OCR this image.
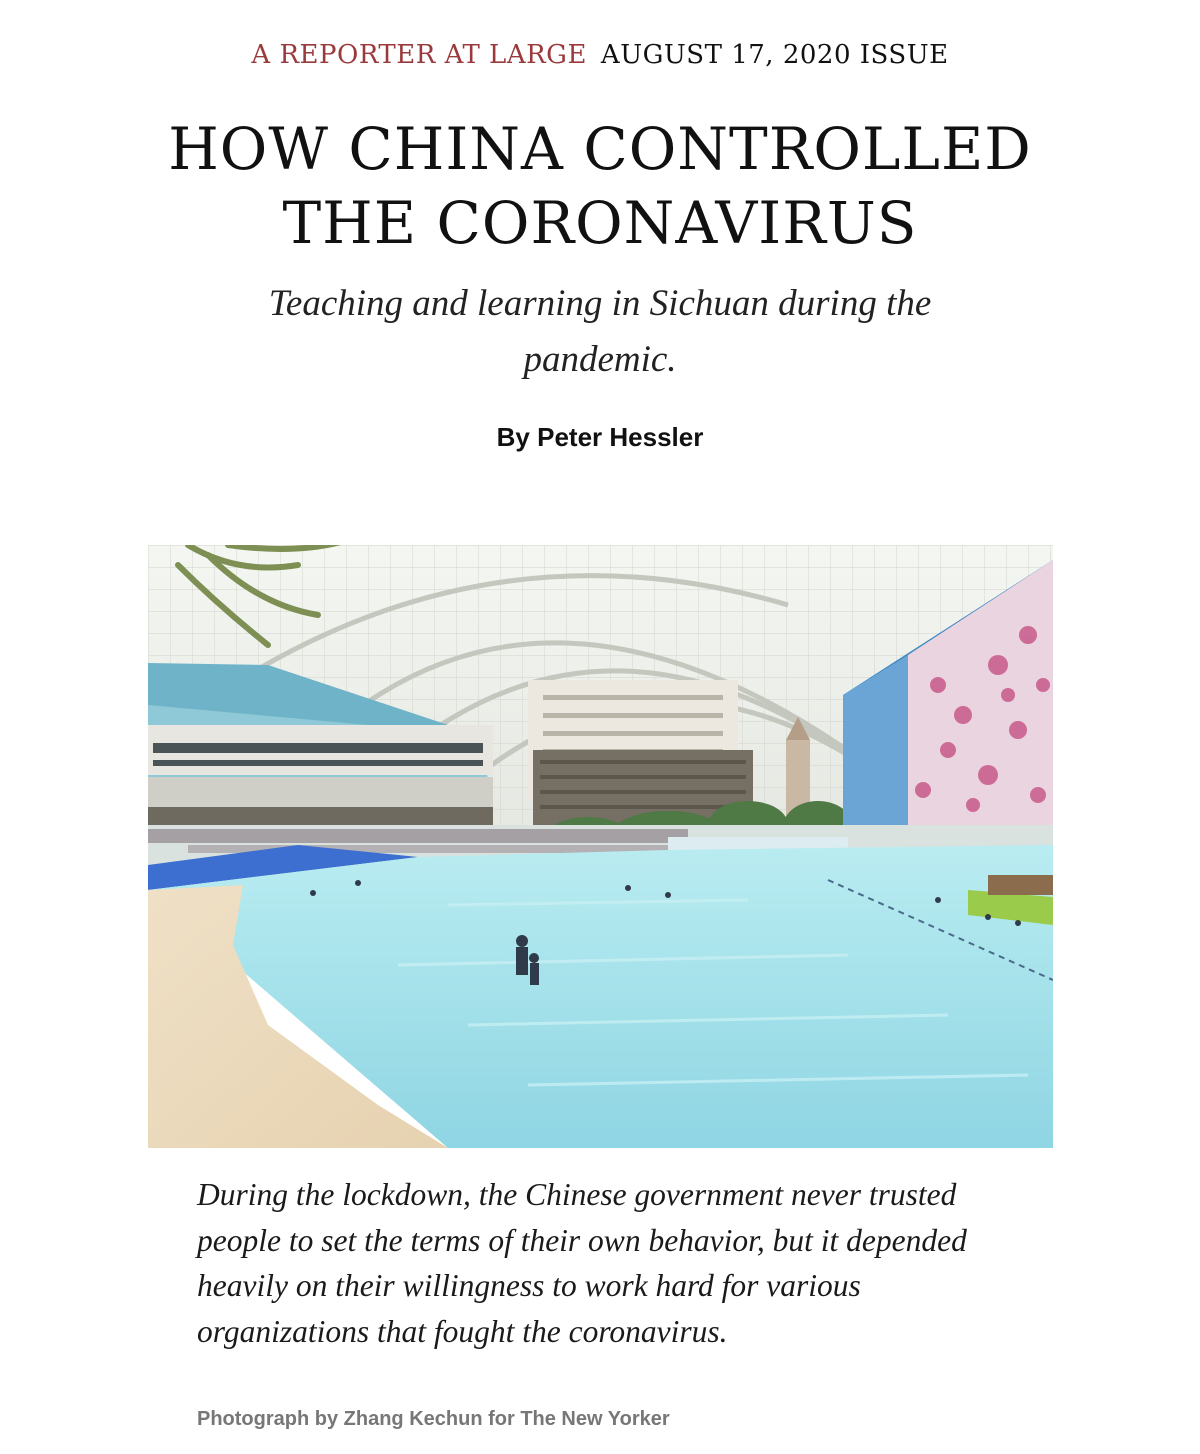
A REPORTER AT LARGE AUGUST 17, 2020 ISSUE
HOW CHINA CONTROLLED
THE CORONAVIRUS

Teaching and learning in Sichuan during the pandemic.

By Peter Hessler

During the lockdown, the Chinese government never trusted people to set the terms of their own behavior, but it depended heavily on their willingness to work hard for various organizations that fought the coronavirus.

Photograph by Zhang Kechun for The New Yorker
